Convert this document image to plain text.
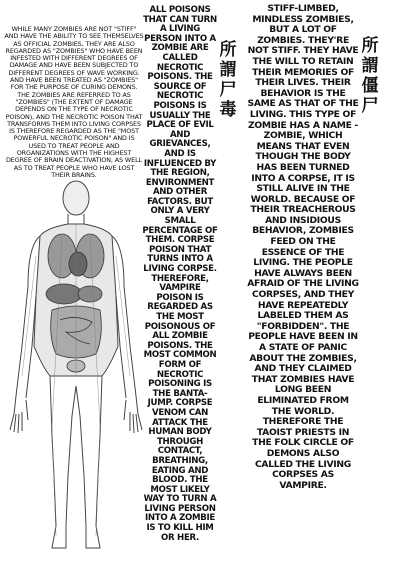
WHILE MANY ZOMBIES ARE NOT "STIFF" AND HAVE THE ABILITY TO SEE THEMSELVES AS OFFICIAL ZOMBIES, THEY ARE ALSO REGARDED AS "ZOMBIES" WHO HAVE BEEN INFESTED WITH DIFFERENT DEGREES OF DAMAGE AND HAVE BEEN SUBJECTED TO DIFFERENT DEGREES OF WAVE WORKING. AND HAVE BEEN TREATED AS "ZOMBIES" FOR THE PURPOSE OF CURING DEMONS. THE ZOMBIES ARE REFERRED TO AS "ZOMBIES" (THE EXTENT OF DAMAGE DEPENDS ON THE TYPE OF NECROTIC POISON), AND THE NECROTIC POISON THAT TRANSFORMS THEM INTO LIVING CORPSES IS THEREFORE REGARDED AS THE "MOST POWERFUL NECROTIC POISON" AND IS USED TO TREAT PEOPLE AND ORGANIZATIONS WITH THE HIGHEST DEGREE OF BRAIN DEACTIVATION, AS WELL AS TO TREAT PEOPLE WHO HAVE LOST THEIR BRAINS.
ALL POISONS THAT CAN TURN A LIVING PERSON INTO A ZOMBIE ARE CALLED NECROTIC POISONS. THE SOURCE OF NECROTIC POISONS IS USUALLY THE PLACE OF EVIL AND GRIEVANCES, AND IS INFLUENCED BY THE REGION, ENVIRONMENT AND OTHER FACTORS. BUT ONLY A VERY SMALL PERCENTAGE OF THEM. CORPSE POISON THAT TURNS INTO A LIVING CORPSE. THEREFORE, VAMPIRE POISON IS REGARDED AS THE MOST POISONOUS OF ALL ZOMBIE POISONS. THE MOST COMMON FORM OF NECROTIC POISONING IS THE BANTA-JUMP. CORPSE VENOM CAN ATTACK THE HUMAN BODY THROUGH CONTACT, BREATHING, EATING AND BLOOD. THE MOST LIKELY WAY TO TURN A LIVING PERSON INTO A ZOMBIE IS TO KILL HIM OR HER.
所
謂
尸
毒
STIFF-LIMBED, MINDLESS ZOMBIES, BUT A LOT OF ZOMBIES. THEY'RE NOT STIFF. THEY HAVE THE WILL TO RETAIN THEIR MEMORIES OF THEIR LIVES. THEIR BEHAVIOR IS THE SAME AS THAT OF THE LIVING. THIS TYPE OF ZOMBIE HAS A NAME - ZOMBIE, WHICH MEANS THAT EVEN THOUGH THE BODY HAS BEEN TURNED INTO A CORPSE, IT IS STILL ALIVE IN THE WORLD. BECAUSE OF THEIR TREACHEROUS AND INSIDIOUS BEHAVIOR, ZOMBIES FEED ON THE ESSENCE OF THE LIVING. THE PEOPLE HAVE ALWAYS BEEN AFRAID OF THE LIVING CORPSES, AND THEY HAVE REPEATEDLY LABELED THEM AS "FORBIDDEN". THE PEOPLE HAVE BEEN IN A STATE OF PANIC ABOUT THE ZOMBIES, AND THEY CLAIMED THAT ZOMBIES HAVE LONG BEEN ELIMINATED FROM THE WORLD. THEREFORE THE TAOIST PRIESTS IN THE FOLK CIRCLE OF DEMONS ALSO CALLED THE LIVING CORPSES AS VAMPIRE.
所
謂
僵
尸
